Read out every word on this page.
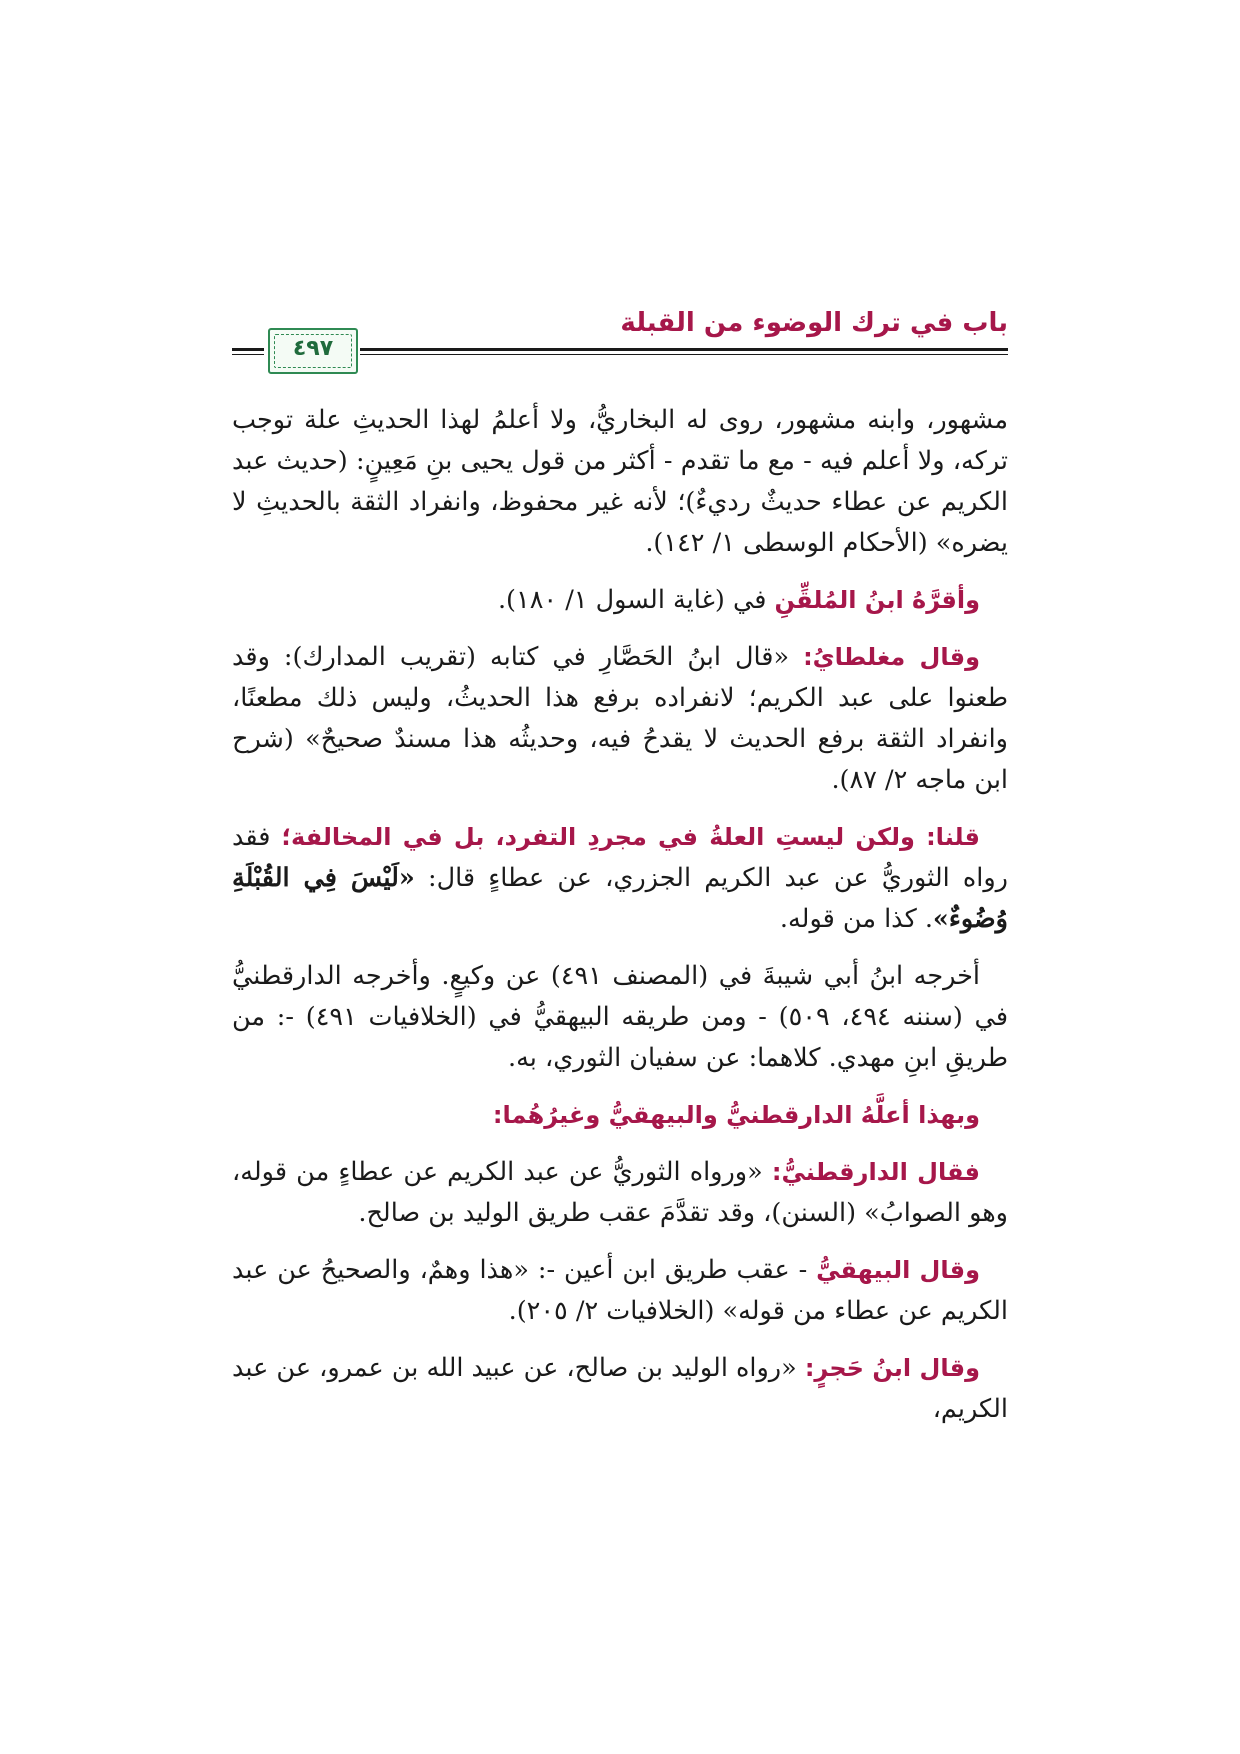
باب في ترك الوضوء من القبلة
٤٩٧

مشهور، وابنه مشهور، روى له البخاريُّ، ولا أعلمُ لهذا الحديثِ علة توجب تركه، ولا أعلم فيه - مع ما تقدم - أكثر من قول يحيى بنِ مَعِينٍ: (حديث عبد الكريم عن عطاء حديثٌ رديءٌ)؛ لأنه غير محفوظ، وانفراد الثقة بالحديثِ لا يضره» (الأحكام الوسطى ١/ ١٤٢).

وأقرَّهُ ابنُ المُلقِّنِ في (غاية السول ١/ ١٨٠).

وقال مغلطايُ: «قال ابنُ الحَصَّارِ في كتابه (تقريب المدارك): وقد طعنوا على عبد الكريم؛ لانفراده برفع هذا الحديثُ، وليس ذلك مطعنًا، وانفراد الثقة برفع الحديث لا يقدحُ فيه، وحديثُه هذا مسندٌ صحيحٌ» (شرح ابن ماجه ٢/ ٨٧).

قلنا: ولكن ليستِ العلةُ في مجردِ التفرد، بل في المخالفة؛ فقد رواه الثوريُّ عن عبد الكريم الجزري، عن عطاءٍ قال: «لَيْسَ فِي القُبْلَةِ وُضُوءٌ». كذا من قوله.

أخرجه ابنُ أبي شيبةَ في (المصنف ٤٩١) عن وكيعٍ. وأخرجه الدارقطنيُّ في (سننه ٤٩٤، ٥٠٩) - ومن طريقه البيهقيُّ في (الخلافيات ٤٩١) -: من طريقِ ابنِ مهدي. كلاهما: عن سفيان الثوري، به.

وبهذا أعلَّهُ الدارقطنيُّ والبيهقيُّ وغيرُهُما:

فقال الدارقطنيُّ: «ورواه الثوريُّ عن عبد الكريم عن عطاءٍ من قوله، وهو الصوابُ» (السنن)، وقد تقدَّمَ عقب طريق الوليد بن صالح.

وقال البيهقيُّ - عقب طريق ابن أعين -: «هذا وهمٌ، والصحيحُ عن عبد الكريم عن عطاء من قوله» (الخلافيات ٢/ ٢٠٥).

وقال ابنُ حَجرٍ: «رواه الوليد بن صالح، عن عبيد الله بن عمرو، عن عبد الكريم،
